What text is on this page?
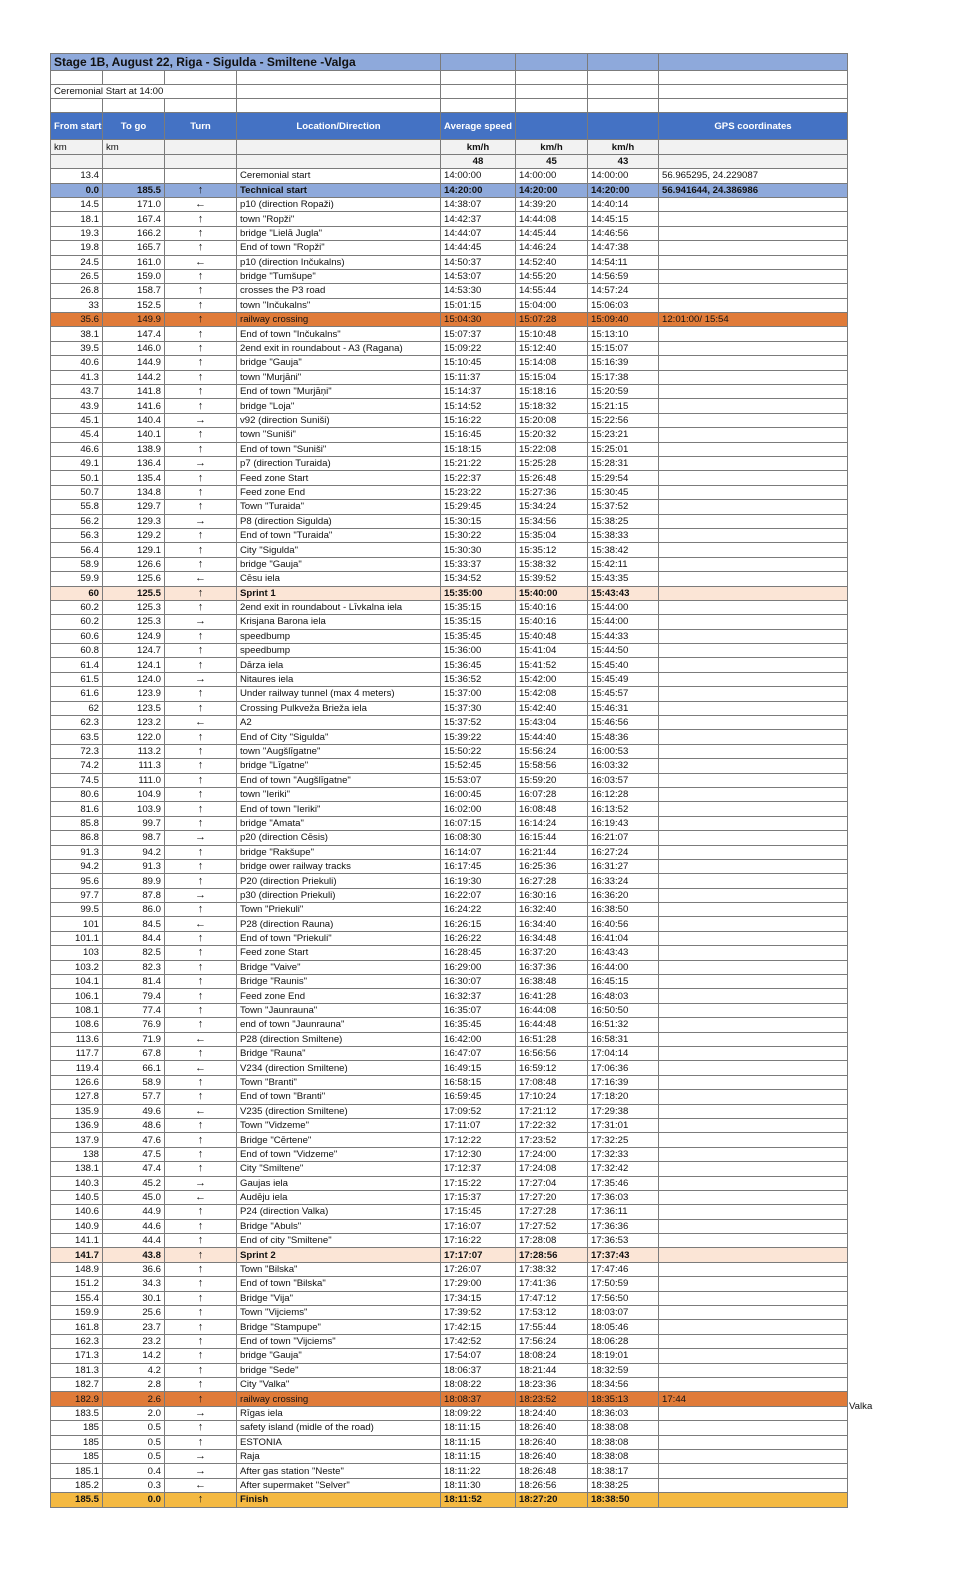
Stage 1B, August 22, Riga - Sigulda - Smiltene -Valga							

Ceremonial Start at 14:00							

From start	To go	Turn	Location/Direction	Average speed			GPS coordinates
km	km			km/h	km/h	km/h	
				48	45	43	
13.4			Ceremonial start	14:00:00	14:00:00	14:00:00	56.965295, 24.229087
0.0	185.5	↑	Technical start	14:20:00	14:20:00	14:20:00	56.941644, 24.386986
14.5	171.0	←	p10 (direction Ropaži)	14:38:07	14:39:20	14:40:14	
18.1	167.4	↑	town "Ropži"	14:42:37	14:44:08	14:45:15	
19.3	166.2	↑	bridge "Lielā Jugla"	14:44:07	14:45:44	14:46:56	
19.8	165.7	↑	End of town "Ropži"	14:44:45	14:46:24	14:47:38	
24.5	161.0	←	p10 (direction Inčukalns)	14:50:37	14:52:40	14:54:11	
26.5	159.0	↑	bridge "Tumšupe"	14:53:07	14:55:20	14:56:59	
26.8	158.7	↑	crosses the P3 road	14:53:30	14:55:44	14:57:24	
33	152.5	↑	town "Inčukalns"	15:01:15	15:04:00	15:06:03	
35.6	149.9	↑	railway crossing	15:04:30	15:07:28	15:09:40	12:01:00/ 15:54
38.1	147.4	↑	End of town "Inčukalns"	15:07:37	15:10:48	15:13:10	
39.5	146.0	↑	2end exit in roundabout - A3 (Ragana)	15:09:22	15:12:40	15:15:07	
40.6	144.9	↑	bridge "Gauja"	15:10:45	15:14:08	15:16:39	
41.3	144.2	↑	town "Murjāni"	15:11:37	15:15:04	15:17:38	
43.7	141.8	↑	End of town "Murjāņi"	15:14:37	15:18:16	15:20:59	
43.9	141.6	↑	bridge "Loja"	15:14:52	15:18:32	15:21:15	
45.1	140.4	→	v92 (direction Suniši)	15:16:22	15:20:08	15:22:56	
45.4	140.1	↑	town "Suniši"	15:16:45	15:20:32	15:23:21	
46.6	138.9	↑	End of town "Suniši"	15:18:15	15:22:08	15:25:01	
49.1	136.4	→	p7 (direction Turaida)	15:21:22	15:25:28	15:28:31	
50.1	135.4	↑	Feed zone Start	15:22:37	15:26:48	15:29:54	
50.7	134.8	↑	Feed zone End	15:23:22	15:27:36	15:30:45	
55.8	129.7	↑	Town "Turaida"	15:29:45	15:34:24	15:37:52	
56.2	129.3	→	P8 (direction Sigulda)	15:30:15	15:34:56	15:38:25	
56.3	129.2	↑	End of town "Turaida"	15:30:22	15:35:04	15:38:33	
56.4	129.1	↑	City "Sigulda"	15:30:30	15:35:12	15:38:42	
58.9	126.6	↑	bridge "Gauja"	15:33:37	15:38:32	15:42:11	
59.9	125.6	←	Cēsu iela	15:34:52	15:39:52	15:43:35	
60	125.5	↑	Sprint 1	15:35:00	15:40:00	15:43:43	
60.2	125.3	↑	2end exit in roundabout - Līvkalna iela	15:35:15	15:40:16	15:44:00	
60.2	125.3	→	Krisjana Barona iela	15:35:15	15:40:16	15:44:00	
60.6	124.9	↑	speedbump	15:35:45	15:40:48	15:44:33	
60.8	124.7	↑	speedbump	15:36:00	15:41:04	15:44:50	
61.4	124.1	↑	Dārza iela	15:36:45	15:41:52	15:45:40	
61.5	124.0	→	Nitaures iela	15:36:52	15:42:00	15:45:49	
61.6	123.9	↑	Under railway tunnel (max 4 meters)	15:37:00	15:42:08	15:45:57	
62	123.5	↑	Crossing Pulkveža Brieža iela	15:37:30	15:42:40	15:46:31	
62.3	123.2	←	A2	15:37:52	15:43:04	15:46:56	
63.5	122.0	↑	End of City "Sigulda"	15:39:22	15:44:40	15:48:36	
72.3	113.2	↑	town "Augšlīgatne"	15:50:22	15:56:24	16:00:53	
74.2	111.3	↑	bridge "Līgatne"	15:52:45	15:58:56	16:03:32	
74.5	111.0	↑	End of town "Augšlīgatne"	15:53:07	15:59:20	16:03:57	
80.6	104.9	↑	town "Ieriki"	16:00:45	16:07:28	16:12:28	
81.6	103.9	↑	End of town "Ieriki"	16:02:00	16:08:48	16:13:52	
85.8	99.7	↑	bridge "Amata"	16:07:15	16:14:24	16:19:43	
86.8	98.7	→	p20 (direction Cēsis)	16:08:30	16:15:44	16:21:07	
91.3	94.2	↑	bridge "Rakšupe"	16:14:07	16:21:44	16:27:24	
94.2	91.3	↑	bridge ower railway tracks	16:17:45	16:25:36	16:31:27	
95.6	89.9	↑	P20 (direction Priekuli)	16:19:30	16:27:28	16:33:24	
97.7	87.8	→	p30 (direction Priekuli)	16:22:07	16:30:16	16:36:20	
99.5	86.0	↑	Town "Priekuli"	16:24:22	16:32:40	16:38:50	
101	84.5	←	P28 (direction Rauna)	16:26:15	16:34:40	16:40:56	
101.1	84.4	↑	End of town "Priekuli"	16:26:22	16:34:48	16:41:04	
103	82.5	↑	Feed zone Start	16:28:45	16:37:20	16:43:43	
103.2	82.3	↑	Bridge "Vaive"	16:29:00	16:37:36	16:44:00	
104.1	81.4	↑	Bridge "Raunis"	16:30:07	16:38:48	16:45:15	
106.1	79.4	↑	Feed zone End	16:32:37	16:41:28	16:48:03	
108.1	77.4	↑	Town "Jaunrauna"	16:35:07	16:44:08	16:50:50	
108.6	76.9	↑	end of town "Jaunrauna"	16:35:45	16:44:48	16:51:32	
113.6	71.9	←	P28 (direction Smiltene)	16:42:00	16:51:28	16:58:31	
117.7	67.8	↑	Bridge "Rauna"	16:47:07	16:56:56	17:04:14	
119.4	66.1	←	V234 (direction Smiltene)	16:49:15	16:59:12	17:06:36	
126.6	58.9	↑	Town "Branti"	16:58:15	17:08:48	17:16:39	
127.8	57.7	↑	End of town "Branti"	16:59:45	17:10:24	17:18:20	
135.9	49.6	←	V235 (direction Smiltene)	17:09:52	17:21:12	17:29:38	
136.9	48.6	↑	Town "Vidzeme"	17:11:07	17:22:32	17:31:01	
137.9	47.6	↑	Bridge "Cērtene"	17:12:22	17:23:52	17:32:25	
138	47.5	↑	End of town "Vidzeme"	17:12:30	17:24:00	17:32:33	
138.1	47.4	↑	City "Smiltene"	17:12:37	17:24:08	17:32:42	
140.3	45.2	→	Gaujas iela	17:15:22	17:27:04	17:35:46	
140.5	45.0	←	Audēju iela	17:15:37	17:27:20	17:36:03	
140.6	44.9	↑	P24 (direction Valka)	17:15:45	17:27:28	17:36:11	
140.9	44.6	↑	Bridge "Abuls"	17:16:07	17:27:52	17:36:36	
141.1	44.4	↑	End of city "Smiltene"	17:16:22	17:28:08	17:36:53	
141.7	43.8	↑	Sprint 2	17:17:07	17:28:56	17:37:43	
148.9	36.6	↑	Town "Bilska"	17:26:07	17:38:32	17:47:46	
151.2	34.3	↑	End of town "Bilska"	17:29:00	17:41:36	17:50:59	
155.4	30.1	↑	Bridge "Vija"	17:34:15	17:47:12	17:56:50	
159.9	25.6	↑	Town "Vijciems"	17:39:52	17:53:12	18:03:07	
161.8	23.7	↑	Bridge "Stampupe"	17:42:15	17:55:44	18:05:46	
162.3	23.2	↑	End of town "Vijciems"	17:42:52	17:56:24	18:06:28	
171.3	14.2	↑	bridge "Gauja"	17:54:07	18:08:24	18:19:01	
181.3	4.2	↑	bridge "Sede"	18:06:37	18:21:44	18:32:59	
182.7	2.8	↑	City "Valka"	18:08:22	18:23:36	18:34:56	
182.9	2.6	↑	railway crossing	18:08:37	18:23:52	18:35:13	17:44
183.5	2.0	→	Rīgas iela	18:09:22	18:24:40	18:36:03	
185	0.5	↑	safety island (midle of the road)	18:11:15	18:26:40	18:38:08	
185	0.5	↑	ESTONIA	18:11:15	18:26:40	18:38:08	
185	0.5	→	Raja	18:11:15	18:26:40	18:38:08	
185.1	0.4	→	After gas station "Neste"	18:11:22	18:26:48	18:38:17	
185.2	0.3	←	After supermaket "Selver"	18:11:30	18:26:56	18:38:25	
185.5	0.0	↑	Finish	18:11:52	18:27:20	18:38:50	
Valka
